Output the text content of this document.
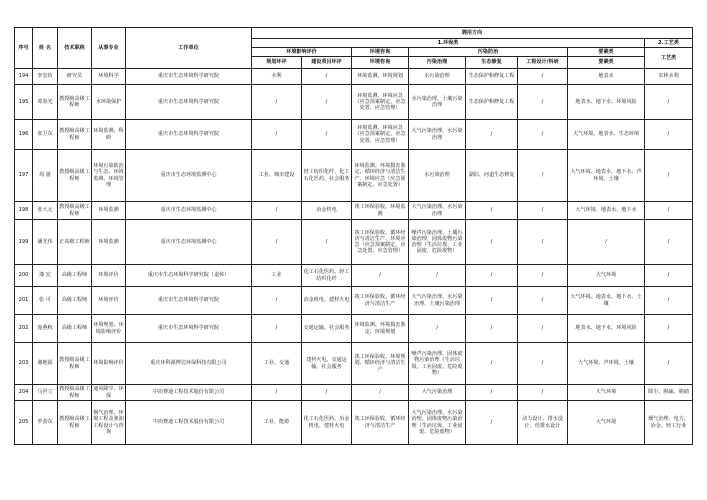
序号	姓 名	技术职称	从事专业	工作单位	聘用方向							
					1.环保类							2.工艺类
					环境影响评价		环境咨询	污染防治			要素类	工艺类
					规划环评	建设项目环评	环境咨询	污染治理	生态修复	工程设计/科研	要素类	
194	李宏纺	研究员	环境科学	重庆市生态环境科学研究院	水利	/	环境监测、环境规划	水污染治理	生态保护和修复工程	/	地表水	农林水利
195	邓春光	教授级高级工程师	水环境保护	重庆市生态环境科学研究院	/	/	环境监测、环境应急（应急预案制定、应急处置、应急管理）	水污染治理、土壤污染治理	生态保护和修复工程	/	地表水、地下水、环境风险	/
196	张卫东	教授级高级工程师	环境监测、科研	重庆市生态环境科学研究院	/	/	环境监测、环境应急（应急预案制定、应急处置、应急管理）	大气污染治理、水污染治理	/	/	大气环境、地表水、生态环境	/
197	周 游	教授级高级工程师	环境污染防治与生态、环境监测、环境管理	重庆市生态环境监测中心	工业、城市建设	轻工纺织化纤、化工石化医药、社会服务	环境监测、环境损害鉴定、循环经济与清洁生产、环境应急（应急预案制定、应急处置）	水污染治理	湖泊、河道生态修复	/	大气环境、地表水、地下水、声环境、土壤	/
198	张大元	教授级高级工程师	环境监测	重庆市生态环境监测中心	/	冶金机电	竣工环保验收、环境监测	大气污染治理、水污染治理	/	/	大气环境、地表水、地下水	/
199	潘光伟	正高级工程师	环境监测	重庆市生态环境监测中心	/	/	竣工环保验收、循环经济与清洁生产、环境应急（应急预案制定、应急处置、应急管理）	噪声污染治理、土壤污染治理、固体废物污染治理（生活垃圾、工业固废、危险废物）	/	/	/	/
200	漆 宏	高级工程师	环境评价	重庆市生态环境科学研究院（退休）	工业	化工石化医药、轻工纺织化纤	/	/	/	/	大气环境	/
201	张 可	高级工程师	环境评价	重庆市生态环境科学研究院	/	冶金机电、建材火电	竣工环保验收、循环经济与清洁生产	大气污染治理、水污染治理、土壤污染治理	/	/	大气环境、地表水、地下水、土壤	/
202	庞燕秋	高级工程师	环境规划、环境影响评价	重庆市生态环境科学研究院	/	交通运输、社会服务	环境监测、环境损害鉴定、环境规划	/	/	/	地表水、地下水、环境风险	/
203	谢地福	教授级高级工程师	环境影响评价	重庆环科源博达环保科技有限公司	工业、交通	建材火电、交通运输、社会服务	竣工环保验收、环境规划、循环经济与清洁生产	噪声污染治理、固体废物污染治理（生活垃圾、工业固废、危险废物）	/	/	大气环境、声环境、土壤	/
204	马世立	教授级高级工程师	通风除尘、环保	中冶赛迪工程技术股份有限公司	/	/	/	大气污染治理	/	/	大气环境	除尘、脱硫、脱硝
205	罗劲东	教授级高级工程师	烟气治理、环境工程及驱油工程设计与咨询	中冶赛迪工程技术股份有限公司	工业、能源	化工石化医药、冶金机电、建材火电	竣工环保验收、循环经济与清洁生产	大气污染治理、水污染治理、固体废物污染治理（生活垃圾、工业固废、危险废物）	/	动力设计、排水设计、给排水设计	大气环境	烟气治理、电力、冶金、轻工行业
